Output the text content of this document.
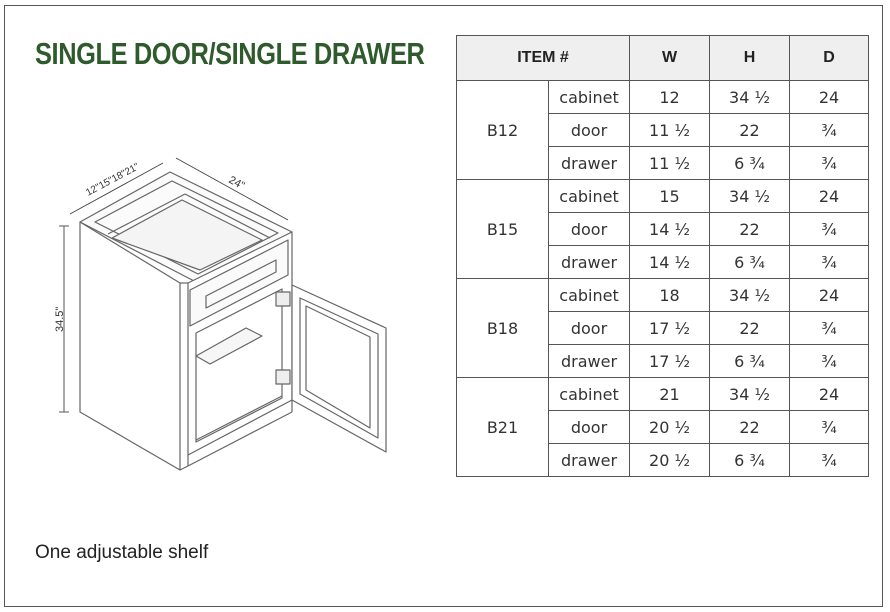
SINGLE DOOR/SINGLE DRAWER
12"15"18"21"	24"
34.5"
ITEM #		W	H	D
B12	cabinet	12	34 ½	24
	door	11 ½	22	¾
	drawer	11 ½	6 ¾	¾
B15	cabinet	15	34 ½	24
	door	14 ½	22	¾
	drawer	14 ½	6 ¾	¾
B18	cabinet	18	34 ½	24
	door	17 ½	22	¾
	drawer	17 ½	6 ¾	¾
B21	cabinet	21	34 ½	24
	door	20 ½	22	¾
	drawer	20 ½	6 ¾	¾
One adjustable shelf
